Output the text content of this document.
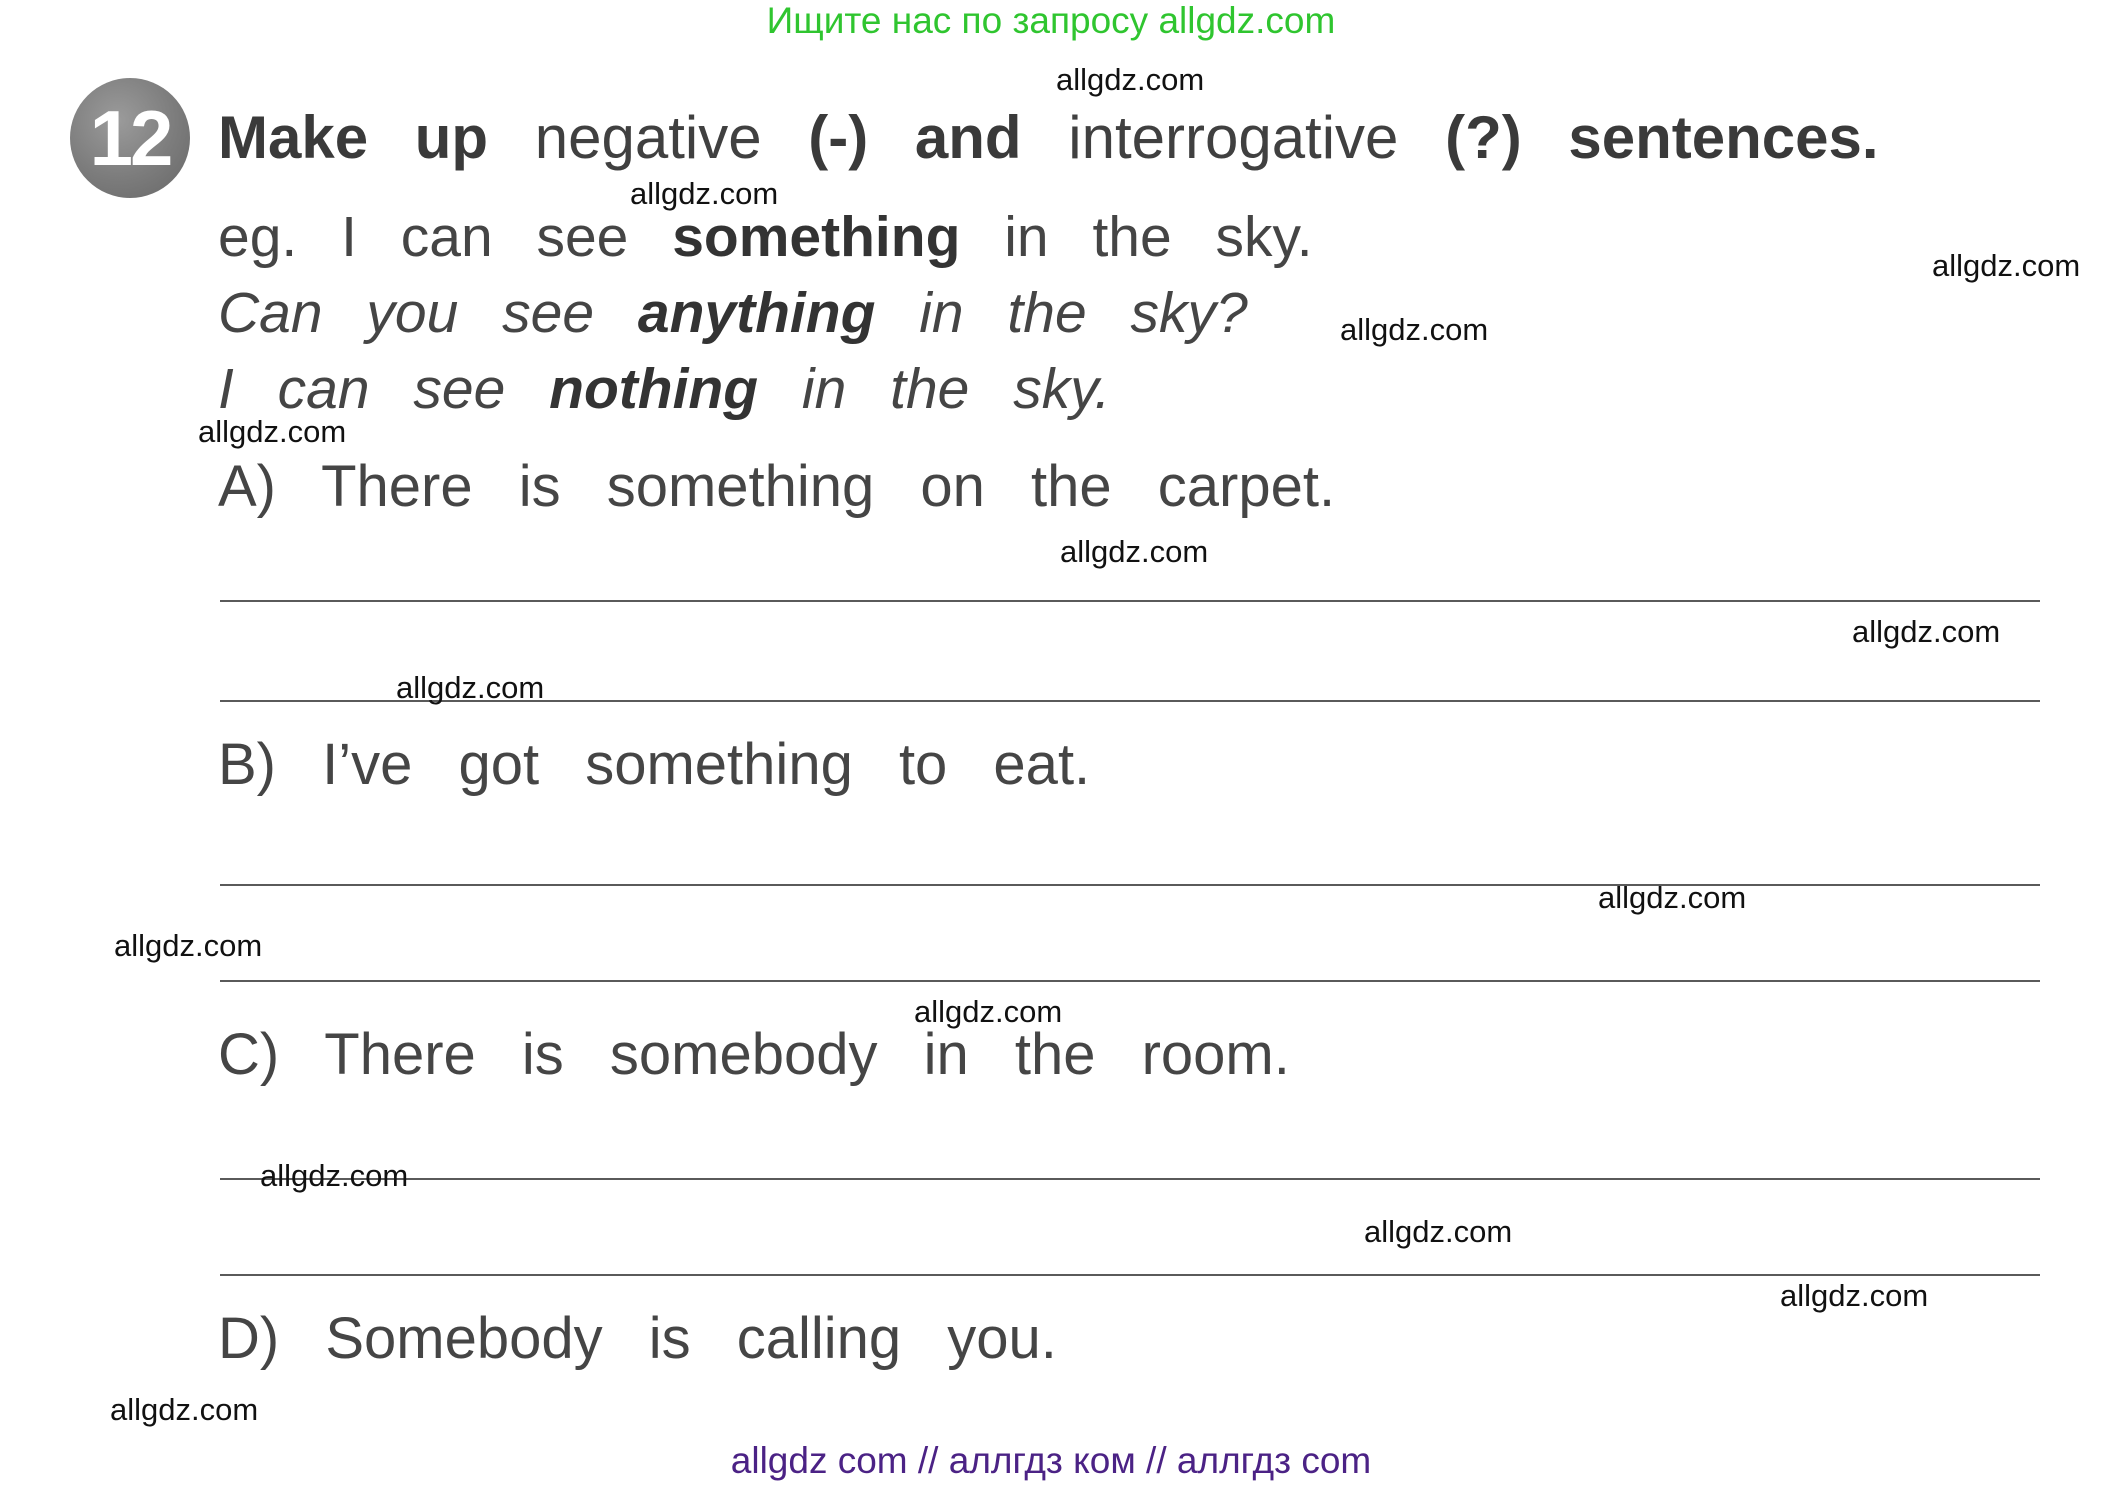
Ищите нас по запросу allgdz.com
12 Make up negative (-) and interrogative (?) sentences.
eg. I can see something in the sky.
Can you see anything in the sky?
I can see nothing in the sky.
A) There is something on the carpet.
B) I’ve got something to eat.
C) There is somebody in the room.
D) Somebody is calling you.
allgdz.com
allgdz.com
allgdz.com
allgdz.com
allgdz.com
allgdz.com
allgdz.com
allgdz.com
allgdz.com
allgdz.com
allgdz.com
allgdz.com
allgdz.com
allgdz.com
allgdz.com
allgdz com // аллгдз ком // аллгдз com
